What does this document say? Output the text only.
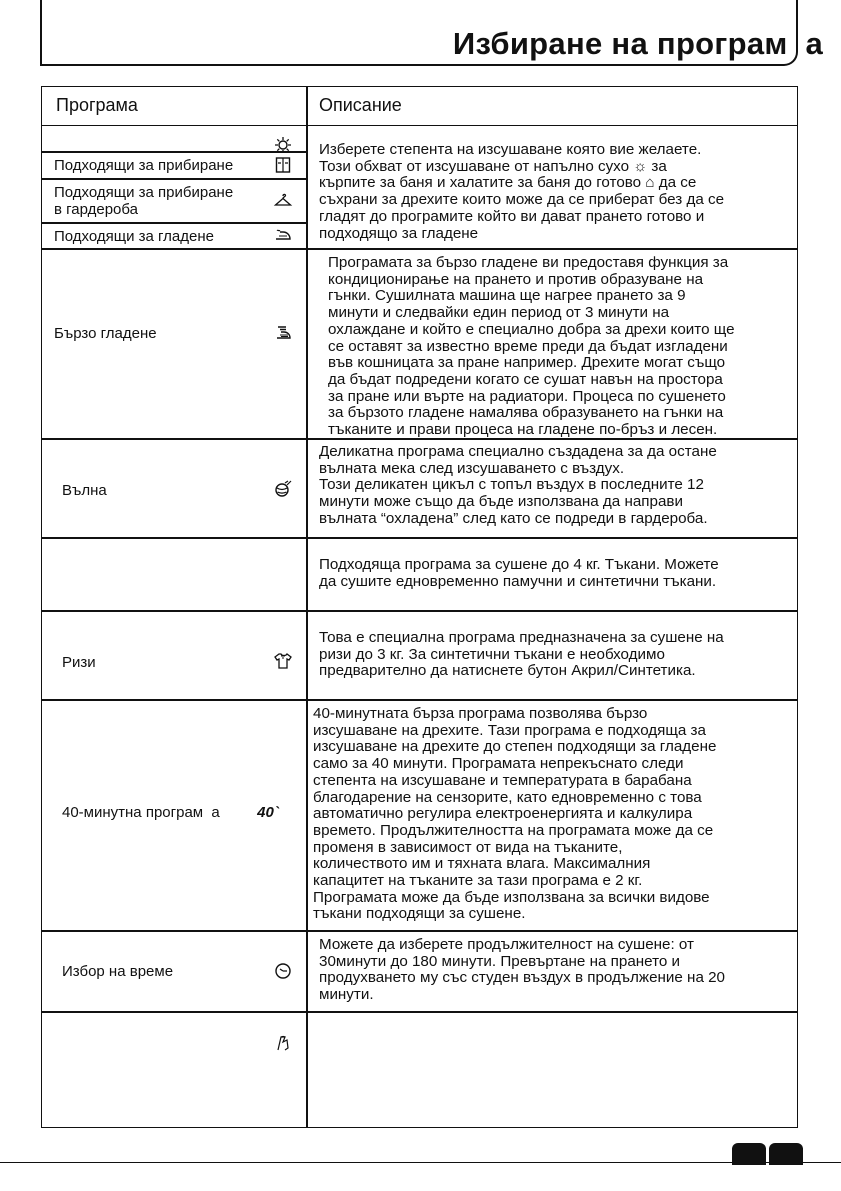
Избиране на програм  а
Програма	Описание
Подходящи за прибиране
Подходящи за прибиране
в гардероба
Подходящи за гладене
Изберете степента на изсушаване която вие желаете.
Този обхват от изсушаване от напълно сухо ☼ за
кърпите за баня и халатите за баня до готово ⌂ да се
съхрани за дрехите които може да се приберат без да се
гладят до програмите който ви дават прането готово и
подходящо за гладене
Бързо гладене
Програмата за бързо гладене ви предоставя функция за
кондиционирање на прането и против образуване на
гънки. Сушилната машина ще нагрее прането за 9
минути и следвайки един период от 3 минути на
охлаждане и който е специално добра за дрехи които ще
се оставят за известно време преди да бъдат изгладени
във кошницата за пране например. Дрехите могат също
да бъдат подредени когато се сушат навън на простора
за пране или върте на радиатори. Процеса по сушенето
за бързото гладене намалява образуването на гънки на
тъканите и прави процеса на гладене по-бръз и лесен.
Вълна
Деликатна програма специално създадена за да остане
вълната мека след изсушаването с въздух.
Този деликатен цикъл с топъл въздух в последните 12
минути може също да бъде използвана да направи
вълната “охладена” след като се подреди в гардероба.
Подходяща програма за сушене до 4 кг. Тъкани. Можете
да сушите едновременно памучни и синтетични тъкани.
Ризи
Това е специална програма предназначена за сушене на
ризи до 3 кг. За синтетични тъкани е необходимо
предварително да натиснете бутон Акрил/Синтетика.
40-минутна програм  а	40`
40-минутната бърза програма позволява бързо
изсушаване на дрехите. Тази програма е подходяща за
изсушаване на дрехите до степен подходящи за гладене
само за 40 минути. Програмата непрекъснато следи
степента на изсушаване и температурата в барабана
благодарение на сензорите, като едновременно с това
автоматично регулира електроенергията и калкулира
времето. Продължителността на програмата може да се
променя в зависимост от вида на тъканите,
количеството им и тяхната влага. Максималния
капацитет на тъканите за тази програма е 2 кг.
Програмата може да бъде използвана за всички видове
тъкани подходящи за сушене.
Избор на време
Можете да изберете продължителност на сушене: от
30минути до 180 минути. Превъртане на прането и
продухването му със студен въздух в продължение на 20
минути.
